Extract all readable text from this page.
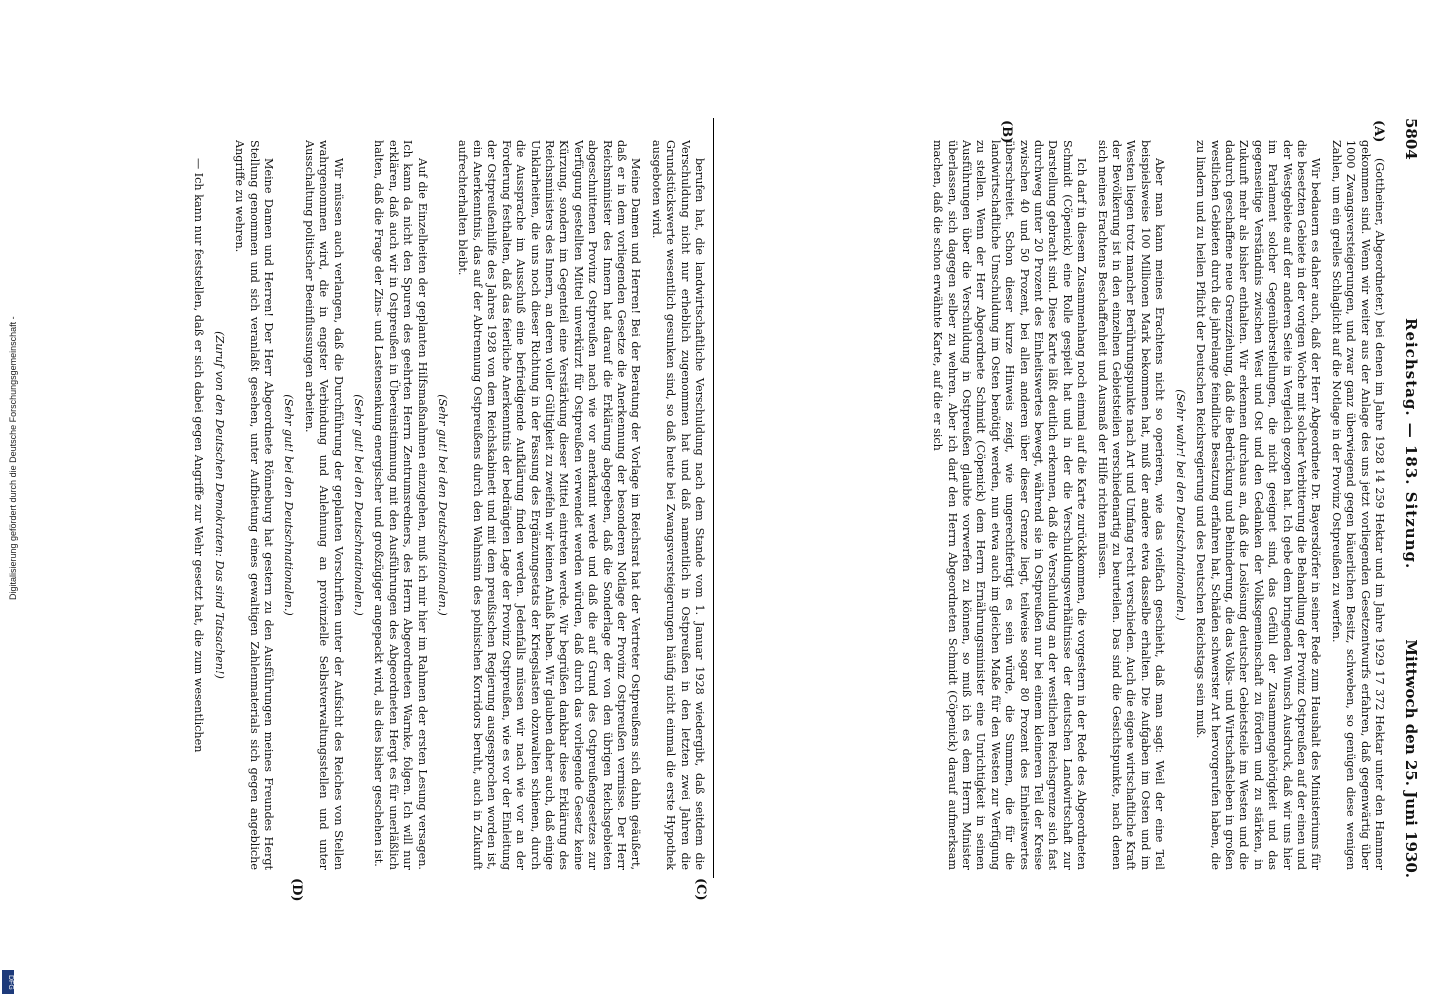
Digitalisierung gefördert durch die Deutsche Forschungsgemeinschaft -
DFG
5804
Reichstag. — 183. Sitzung.
Mittwoch den 25. Juni 1930.
(A)
(B)
(C)
(D)

(Gottheiner, Abgeordneter.) bei denen im Jahre 1928 14 259 Hektar und im Jahre 1929 17 372 Hektar unter den Hammer gekommen sind. Wenn wir weiter aus der Anlage des uns jetzt vorliegenden Gesetzentwurfs erfahren, daß gegenwärtig über 1000 Zwangsversteigerungen, und zwar ganz überwiegend gegen bäuerlichen Besitz, schweben, so genügen diese wenigen Zahlen, um ein grelles Schlaglicht auf die Notlage in der Provinz Ostpreußen zu werfen.

Wir bedauern es daher auch, daß der Herr Abgeordnete Dr. Bayersdörfer in seiner Rede zum Haushalt des Ministeriums für die besetzten Gebiete in der vorigen Woche mit solcher Verbitterung die Behandlung der Provinz Ostpreußen auf der einen und der Westgebiete auf der anderen Seite in Vergleich gezogen hat. Ich gebe dem bringenden Wunsch Ausdruck, daß wir uns hier im Parlament solcher Gegenüberstellungen, die nicht geeignet sind, das Gefühl der Zusammengehörigkeit und das gegenseitige Verständnis zwischen West und Ost und den Gedanken der Volksgemeinschaft zu fördern und zu stärken, in Zukunft mehr als bisher enthalten. Wir erkennen durchaus an, daß die Loslösung deutscher Gebietsteile im Westen und die dadurch geschaffene neue Grenzziehung, daß die Bedrückung und Behinderung, die das Volks- und Wirtschaftsleben in großen westlichen Gebieten durch die jahrelange feindliche Besatzung erfahren hat, Schäden schwerster Art hervorgerufen haben, die zu lindern und zu heilen Pflicht der Deutschen Reichsregierung und des Deutschen Reichstags sein muß.

(Sehr wahr! bei den Deutschnationalen.)

Aber man kann meines Erachtens nicht so operieren, wie das vielfach geschieht, daß man sagt: Weil der eine Teil beispielsweise 100 Millionen Mark bekommen hat, muß der andere etwa dasselbe erhalten. Die Aufgaben im Osten und im Westen liegen trotz mancher Berührungspunkte nach Art und Umfang recht verschieden. Auch die eigene wirtschaftliche Kraft der Bevölkerung ist in den einzelnen Gebietsteilen verschiedenartig zu beurteilen. Das sind die Gesichtspunkte, nach denen sich meines Erachtens Beschaffenheit und Ausmaß der Hilfe richten müssen.

Ich darf in diesem Zusammenhang noch einmal auf die Karte zurückkommen, die vorgestern in der Rede des Abgeordneten Schmidt (Cöpenick) eine Rolle gespielt hat und in der die Verschuldungsverhältnisse der deutschen Landwirtschaft zur Darstellung gebracht sind. Diese Karte läßt deutlich erkennen, daß die Verschuldung an der westlichen Reichsgrenze sich fast durchweg unter 20 Prozent des Einheitswertes bewegt, während sie in Ostpreußen nur bei einem kleineren Teil der Kreise zwischen 40 und 50 Prozent, bei allen anderen über dieser Grenze liegt, teilweise sogar 80 Prozent des Einheitswertes überschreitet. Schon dieser kurze Hinweis zeigt, wie ungerechtfertigt es sein würde, die Summen, die für die landwirtschaftliche Umschuldung im Osten benötigt werden, nun etwa auch im gleichen Maße für den Westen zur Verfügung zu stellen. Wenn der Herr Abgeordnete Schmidt (Cöpenick) dem Herrn Ernährungsminister eine Unrichtigkeit in seinen Ausführungen über die Verschuldung in Ostpreußen glaubte vorwerfen zu können, so muß ich es dem Herrn Minister überlassen, sich dagegen selber zu wehren. Aber ich darf den Herrn Abgeordneten Schmidt (Cöpenick) darauf aufmerksam machen, daß die schon erwähnte Karte, auf die er sich

berufen hat, die landwirtschaftliche Verschuldung nach dem Stande vom 1. Januar 1928 wiedergibt, daß seitdem die Verschuldung nicht nur erheblich zugenommen hat und daß namentlich in Ostpreußen in den letzten zwei Jahren die Grundstückswerte wesentlich gesunken sind, so daß heute bei Zwangsversteigerungen häufig nicht einmal die erste Hypothek ausgeboten wird.

Meine Damen und Herren! Bei der Beratung der Vorlage im Reichsrat hat der Vertreter Ostpreußens sich dahin geäußert, daß er in dem vorliegenden Gesetze die Anerkennung der besonderen Notlage der Provinz Ostpreußen vermisse. Der Herr Reichsminister des Innern hat darauf die Erklärung abgegeben, daß die Sonderlage der von den übrigen Reichsgebieten abgeschnittenen Provinz Ostpreußen nach wie vor anerkannt werde und daß die auf Grund des Ostpreußengesetzes zur Verfügung gestellten Mittel unverkürzt für Ostpreußen verwendet werden würden, daß durch das vorliegende Gesetz keine Kürzung, sondern im Gegenteil eine Verstärkung dieser Mittel eintreten werde. Wir begrüßen dankbar diese Erklärung des Reichsministers des Innern, an deren voller Gültigkeit zu zweifeln wir keinen Anlaß haben. Wir glauben daher auch, daß einige Unklarheiten, die uns noch dieser Richtung in der Fassung des Ergänzungsetats der Kriegslasten obzuwalten schienen, durch die Aussprache im Ausschuß eine befriedigende Aufklärung finden werden. Jedenfalls müssen wir nach wie vor an der Forderung festhalten, daß das feierliche Anerkenntnis der bedrängten Lage der Provinz Ostpreußen, wie es vor der Einleitung der Ostpreußenhilfe des Jahres 1928 von dem Reichskabinett und mit dem preußischen Regierung ausgesprochen worden ist, ein Anerkenntnis, das auf der Abtrennung Ostpreußens durch den Wahnsinn des polnischen Korridors beruht, auch in Zukunft aufrechterhalten bleibt.

(Sehr gut! bei den Deutschnationalen.)

Auf die Einzelheiten der geplanten Hilfsmaßnahmen einzugehen, muß ich mir hier im Rahmen der ersten Lesung versagen. Ich kann da nicht den Spuren des geehrten Herrn Zentrumsredners, des Herrn Abgeordneten Warnke, folgen. Ich will nur erklären, daß auch wir in Ostpreußen in Übereinstimmung mit den Ausführungen des Abgeordneten Hergt es für unerläßlich halten, daß die Frage der Zins- und Lastensenkung energischer und großzügiger angepackt wird, als dies bisher geschehen ist.

(Sehr gut! bei den Deutschnationalen.)

Wir müssen auch verlangen, daß die Durchführung der geplanten Vorschriften unter der Aufsicht des Reiches von Stellen wahrgenommen wird, die in engster Verbindung und Anlehnung an provinzielle Selbstverwaltungsstellen und unter Ausschaltung politischer Beeinflussungen arbeiten.

(Sehr gut! bei den Deutschnationalen.)

Meine Damen und Herren! Der Herr Abgeordnete Rönneburg hat gestern zu den Ausführungen meines Freundes Hergt Stellung genommen und sich veranlaßt gesehen, unter Aufbietung eines gewaltigen Zahlenmaterials sich gegen angebliche Angriffe zu wehren.

(Zuruf von den Deutschen Demokraten: Das sind Tatsachen!)

— Ich kann nur feststellen, daß er sich dabei gegen Angriffe zur Wehr gesetzt hat, die zum wesentlichen
